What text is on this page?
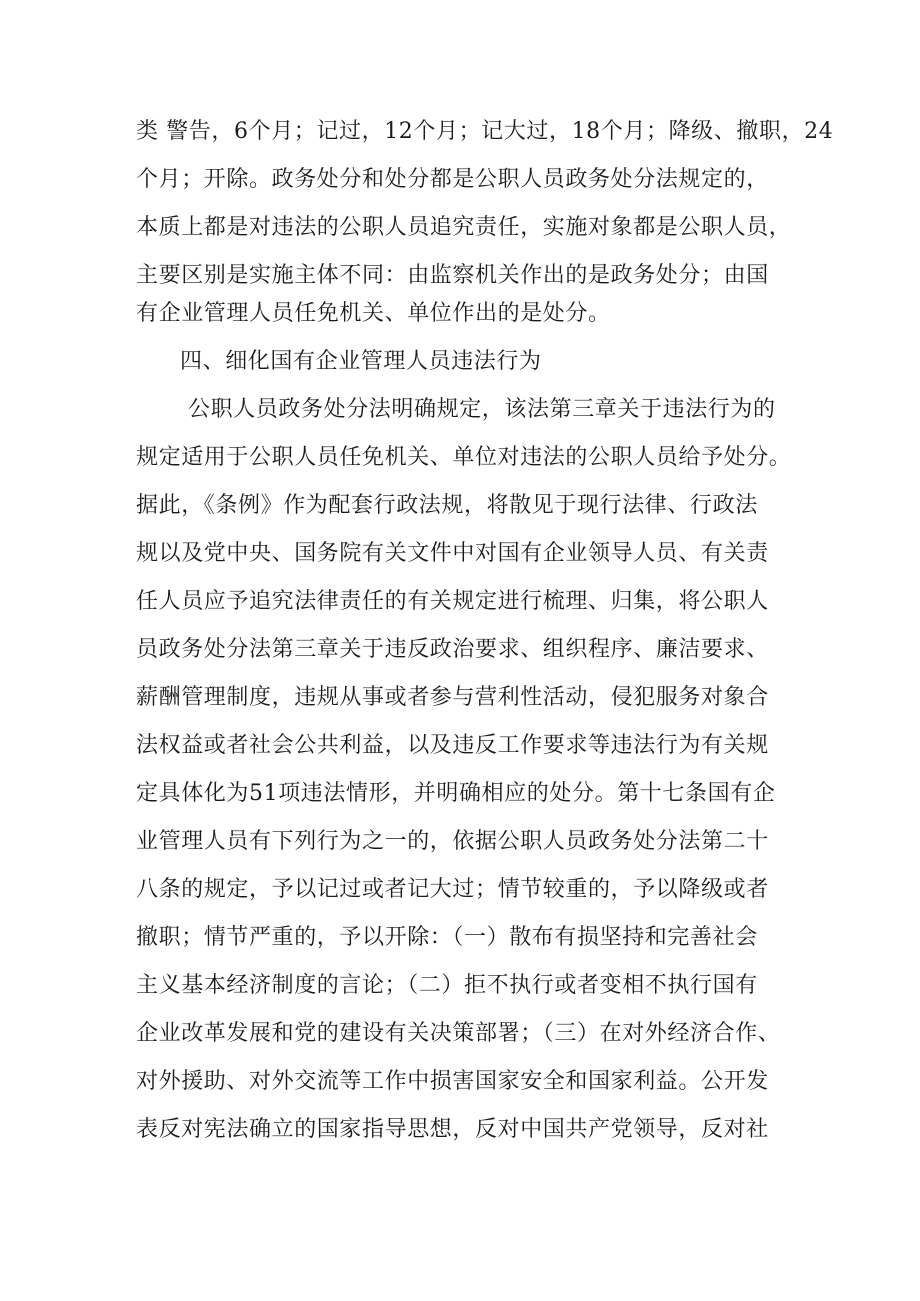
类 警告，6个月；记过，12个月；记大过，18个月；降级、撤职，24
个月；开除。政务处分和处分都是公职人员政务处分法规定的，
本质上都是对违法的公职人员追究责任，实施对象都是公职人员，
主要区别是实施主体不同：由监察机关作出的是政务处分；由国
有企业管理人员任免机关、单位作出的是处分。
四、细化国有企业管理人员违法行为
公职人员政务处分法明确规定，该法第三章关于违法行为的
规定适用于公职人员任免机关、单位对违法的公职人员给予处分。
据此，《条例》作为配套行政法规，将散见于现行法律、行政法
规以及党中央、国务院有关文件中对国有企业领导人员、有关责
任人员应予追究法律责任的有关规定进行梳理、归集，将公职人
员政务处分法第三章关于违反政治要求、组织程序、廉洁要求、
薪酬管理制度，违规从事或者参与营利性活动，侵犯服务对象合
法权益或者社会公共利益，以及违反工作要求等违法行为有关规
定具体化为51项违法情形，并明确相应的处分。第十七条国有企
业管理人员有下列行为之一的，依据公职人员政务处分法第二十
八条的规定，予以记过或者记大过；情节较重的，予以降级或者
撤职；情节严重的，予以开除：（一）散布有损坚持和完善社会
主义基本经济制度的言论；（二）拒不执行或者变相不执行国有
企业改革发展和党的建设有关决策部署；（三）在对外经济合作、
对外援助、对外交流等工作中损害国家安全和国家利益。公开发
表反对宪法确立的国家指导思想，反对中国共产党领导，反对社
